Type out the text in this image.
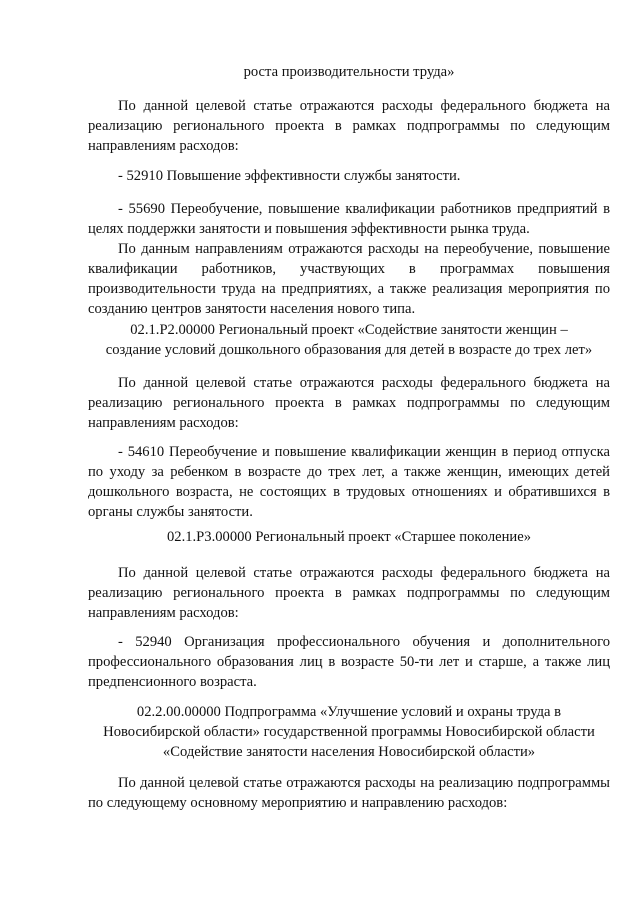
роста производительности труда»

По данной целевой статье отражаются расходы федерального бюджета на реализацию регионального проекта в рамках подпрограммы по следующим направлениям расходов:

- 52910 Повышение эффективности службы занятости.

- 55690 Переобучение, повышение квалификации работников предприятий в целях поддержки занятости и повышения эффективности рынка труда.

По данным направлениям отражаются расходы на переобучение, повышение квалификации работников, участвующих в программах повышения производительности труда на предприятиях, а также реализация мероприятия по созданию центров занятости населения нового типа.

02.1.P2.00000 Региональный проект «Содействие занятости женщин –
создание условий дошкольного образования для детей в возрасте до трех лет»

По данной целевой статье отражаются расходы федерального бюджета на реализацию регионального проекта в рамках подпрограммы по следующим направлениям расходов:

- 54610 Переобучение и повышение квалификации женщин в период отпуска по уходу за ребенком в возрасте до трех лет, а также женщин, имеющих детей дошкольного возраста, не состоящих в трудовых отношениях и обратившихся в органы службы занятости.

02.1.P3.00000 Региональный проект «Старшее поколение»

По данной целевой статье отражаются расходы федерального бюджета на реализацию регионального проекта в рамках подпрограммы по следующим направлениям расходов:

- 52940 Организация профессионального обучения и дополнительного профессионального образования лиц в возрасте 50-ти лет и старше, а также лиц предпенсионного возраста.

02.2.00.00000 Подпрограмма «Улучшение условий и охраны труда в
Новосибирской области» государственной программы Новосибирской области
«Содействие занятости населения Новосибирской области»

По данной целевой статье отражаются расходы на реализацию подпрограммы по следующему основному мероприятию и направлению расходов:
